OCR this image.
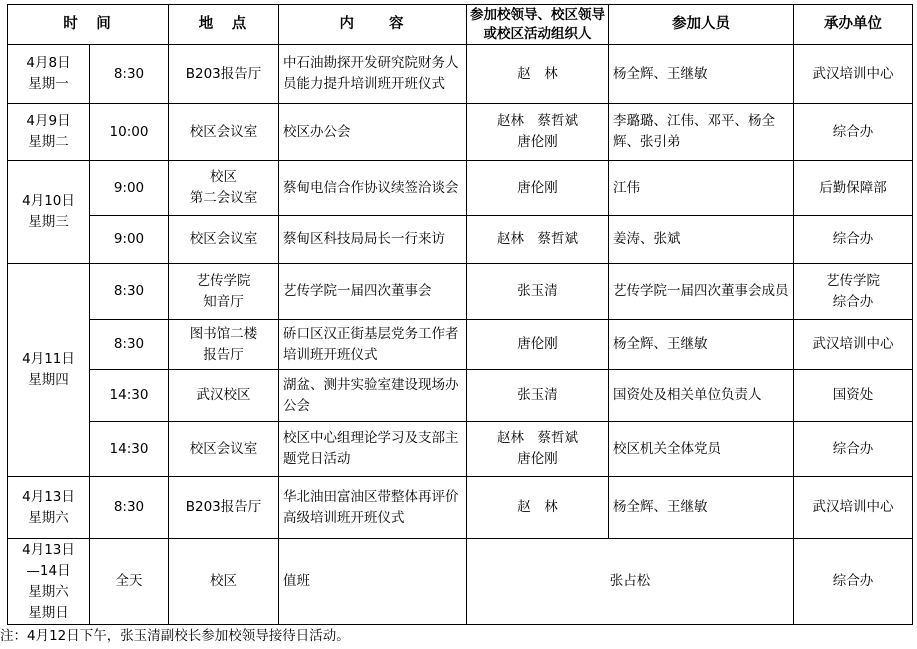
时　间		地　点	内　　容	参加校领导、校区领导或校区活动组织人	参加人员	承办单位

4月8日
星期一	8:30	B203报告厅	中石油勘探开发研究院财务人员能力提升培训班开班仪式	赵　林	杨全辉、王继敏	武汉培训中心

4月9日
星期二	10:00	校区会议室	校区办公会	赵林　蔡哲斌
唐伦刚	李璐璐、江伟、邓平、杨全辉、张引弟	综合办

4月10日
星期三	9:00	校区
第二会议室	蔡甸电信合作协议续签洽谈会	唐伦刚	江伟	后勤保障部

	9:00	校区会议室	蔡甸区科技局局长一行来访	赵林　蔡哲斌	姜涛、张斌	综合办

4月11日
星期四	8:30	艺传学院
知音厅	艺传学院一届四次董事会	张玉清	艺传学院一届四次董事会成员	艺传学院
综合办

	8:30	图书馆二楼
报告厅	硚口区汉正街基层党务工作者培训班开班仪式	唐伦刚	杨全辉、王继敏	武汉培训中心

	14:30	武汉校区	湖盆、测井实验室建设现场办公会	张玉清	国资处及相关单位负责人	国资处

	14:30	校区会议室	校区中心组理论学习及支部主题党日活动	赵林　蔡哲斌
唐伦刚	校区机关全体党员	综合办

4月13日
星期六	8:30	B203报告厅	华北油田富油区带整体再评价高级培训班开班仪式	赵　林	杨全辉、王继敏	武汉培训中心

4月13日
—14日
星期六
星期日	全天	校区	值班	张占松		综合办
注：4月12日下午，张玉清副校长参加校领导接待日活动。
